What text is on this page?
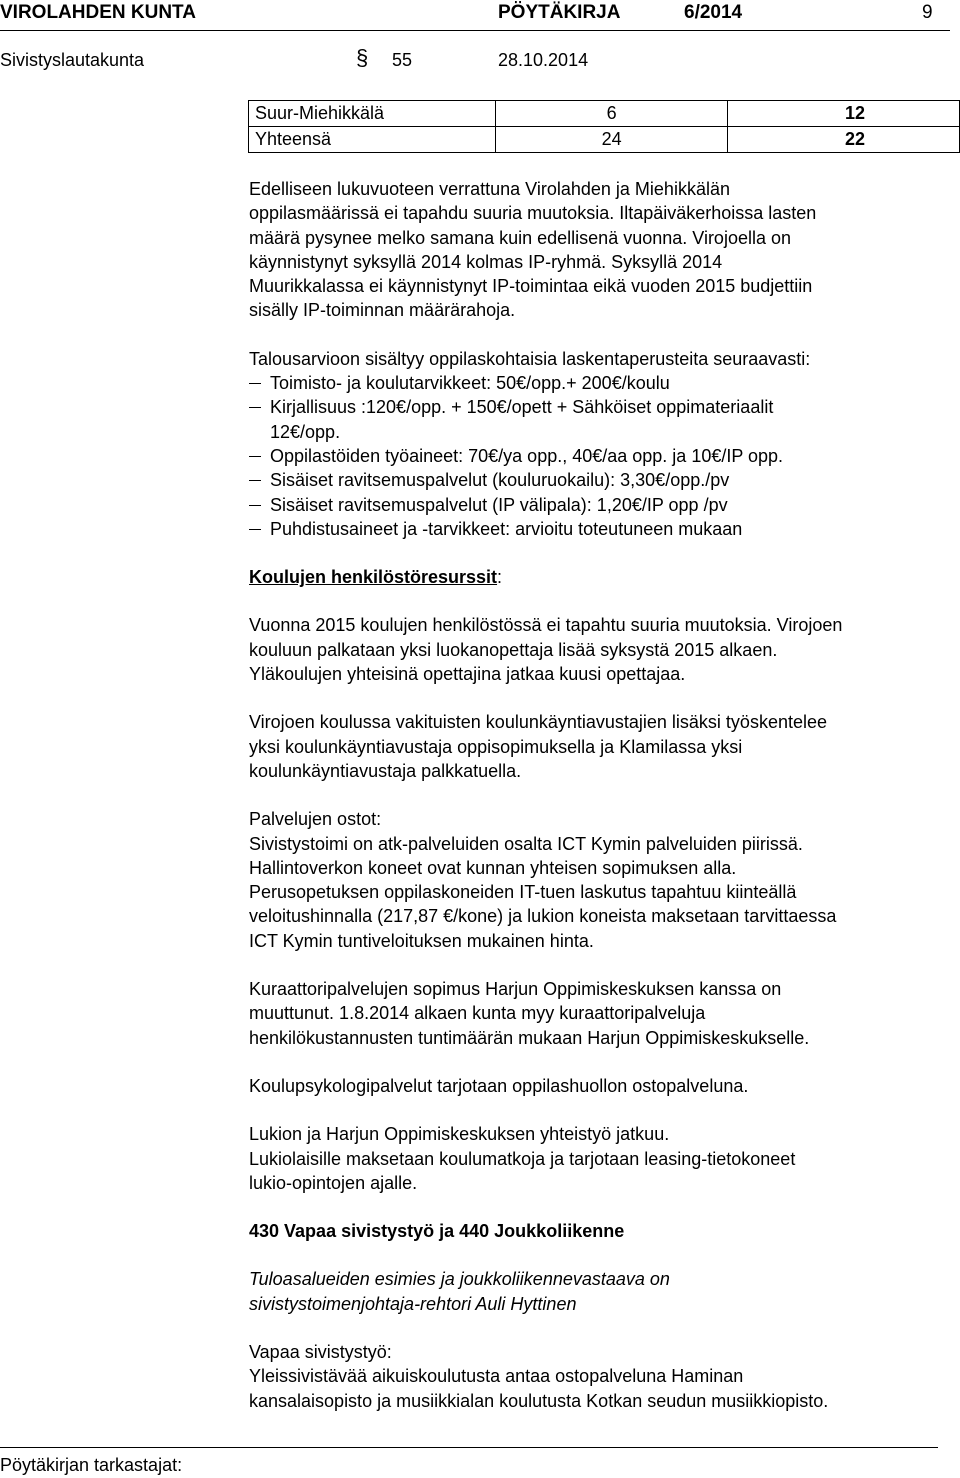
VIROLAHDEN KUNTA	PÖYTÄKIRJA	6/2014	9
Sivistyslautakunta	§ 55	28.10.2014
Suur-Miehikkälä	6	12
Yhteensä	24	22

Edelliseen lukuvuoteen verrattuna Virolahden ja Miehikkälän

oppilasmäärissä ei tapahdu suuria muutoksia. Iltapäiväkerhoissa lasten

määrä pysynee melko samana kuin edellisenä vuonna. Virojoella on

käynnistynyt syksyllä 2014 kolmas IP-ryhmä. Syksyllä 2014

Muurikkalassa ei käynnistynyt IP-toimintaa eikä vuoden 2015 budjettiin

sisälly IP-toiminnan määrärahoja.

Talousarvioon sisältyy oppilaskohtaisia laskentaperusteita seuraavasti:

Toimisto- ja koulutarvikkeet: 50€/opp.+ 200€/koulu
Kirjallisuus :120€/opp. + 150€/opett + Sähköiset oppimateriaalit
12€/opp.
Oppilastöiden työaineet: 70€/ya opp., 40€/aa opp. ja 10€/IP opp.
Sisäiset ravitsemuspalvelut (kouluruokailu): 3,30€/opp./pv
Sisäiset ravitsemuspalvelut (IP välipala): 1,20€/IP opp /pv
Puhdistusaineet ja -tarvikkeet: arvioitu toteutuneen mukaan

Koulujen henkilöstöresurssit:

Vuonna 2015 koulujen henkilöstössä ei tapahtu suuria muutoksia. Virojoen

kouluun palkataan yksi luokanopettaja lisää syksystä 2015 alkaen.

Yläkoulujen yhteisinä opettajina jatkaa kuusi opettajaa.

Virojoen koulussa vakituisten koulunkäyntiavustajien lisäksi työskentelee

yksi koulunkäyntiavustaja oppisopimuksella ja Klamilassa yksi

koulunkäyntiavustaja palkkatuella.

Palvelujen ostot:

Sivistystoimi on atk-palveluiden osalta ICT Kymin palveluiden piirissä.

Hallintoverkon koneet ovat kunnan yhteisen sopimuksen alla.

Perusopetuksen oppilaskoneiden IT-tuen laskutus tapahtuu kiinteällä

veloitushinnalla (217,87 €/kone) ja lukion koneista maksetaan tarvittaessa

ICT Kymin tuntiveloituksen mukainen hinta.

Kuraattoripalvelujen sopimus Harjun Oppimiskeskuksen kanssa on

muuttunut. 1.8.2014 alkaen kunta myy kuraattoripalveluja

henkilökustannusten tuntimäärän mukaan Harjun Oppimiskeskukselle.

Koulupsykologipalvelut tarjotaan oppilashuollon ostopalveluna.

Lukion ja Harjun Oppimiskeskuksen yhteistyö jatkuu.

Lukiolaisille maksetaan koulumatkoja ja tarjotaan leasing-tietokoneet

lukio-opintojen ajalle.

430 Vapaa sivistystyö ja 440 Joukkoliikenne

Tuloasalueiden esimies ja joukkoliikennevastaava on

sivistystoimenjohtaja-rehtori Auli Hyttinen

Vapaa sivistystyö:

Yleissivistävää aikuiskoulutusta antaa ostopalveluna Haminan

kansalaisopisto ja musiikkialan koulutusta Kotkan seudun musiikkiopisto.

Pöytäkirjan tarkastajat:
